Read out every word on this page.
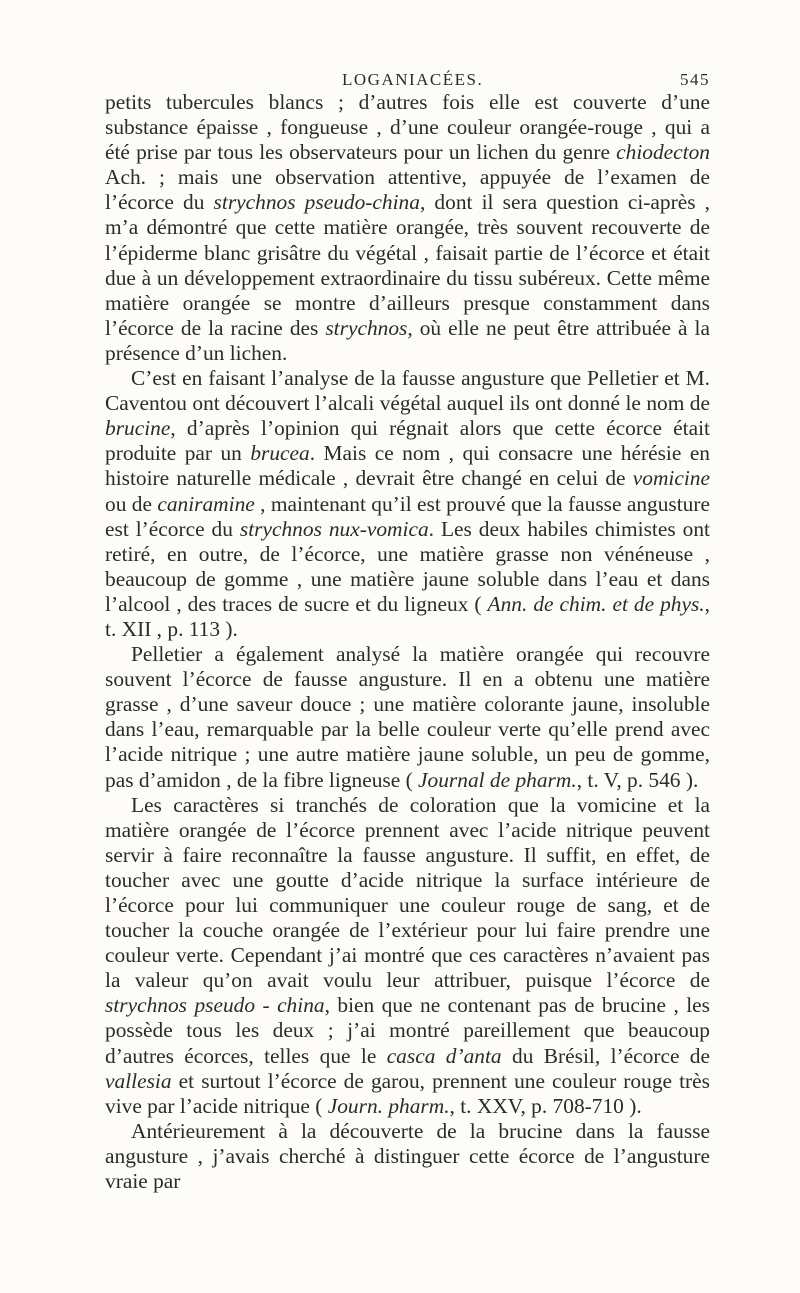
LOGANIACÉES.	545

petits tubercules blancs ; d’autres fois elle est couverte d’une substance épaisse , fongueuse , d’une couleur orangée-rouge , qui a été prise par tous les observateurs pour un lichen du genre chiodecton Ach. ; mais une observation attentive, appuyée de l’examen de l’écorce du strychnos pseudo-china, dont il sera question ci-après , m’a démontré que cette matière orangée, très souvent recouverte de l’épiderme blanc grisâtre du végétal , faisait partie de l’écorce et était due à un développement extraordinaire du tissu subéreux. Cette même matière orangée se montre d’ailleurs presque constamment dans l’écorce de la racine des strychnos, où elle ne peut être attribuée à la présence d’un lichen.

C’est en faisant l’analyse de la fausse angusture que Pelletier et M. Caventou ont découvert l’alcali végétal auquel ils ont donné le nom de brucine, d’après l’opinion qui régnait alors que cette écorce était produite par un brucea. Mais ce nom , qui consacre une hérésie en histoire naturelle médicale , devrait être changé en celui de vomicine ou de caniramine , maintenant qu’il est prouvé que la fausse angusture est l’écorce du strychnos nux-vomica. Les deux habiles chimistes ont retiré, en outre, de l’écorce, une matière grasse non vénéneuse , beaucoup de gomme , une matière jaune soluble dans l’eau et dans l’alcool , des traces de sucre et du ligneux ( Ann. de chim. et de phys., t. XII , p. 113 ).

Pelletier a également analysé la matière orangée qui recouvre souvent l’écorce de fausse angusture. Il en a obtenu une matière grasse , d’une saveur douce ; une matière colorante jaune, insoluble dans l’eau, remarquable par la belle couleur verte qu’elle prend avec l’acide nitrique ; une autre matière jaune soluble, un peu de gomme, pas d’amidon , de la fibre ligneuse ( Journal de pharm., t. V, p. 546 ).

Les caractères si tranchés de coloration que la vomicine et la matière orangée de l’écorce prennent avec l’acide nitrique peuvent servir à faire reconnaître la fausse angusture. Il suffit, en effet, de toucher avec une goutte d’acide nitrique la surface intérieure de l’écorce pour lui communiquer une couleur rouge de sang, et de toucher la couche orangée de l’extérieur pour lui faire prendre une couleur verte. Cependant j’ai montré que ces caractères n’avaient pas la valeur qu’on avait voulu leur attribuer, puisque l’écorce de strychnos pseudo - china, bien que ne contenant pas de brucine , les possède tous les deux ; j’ai montré pareillement que beaucoup d’autres écorces, telles que le casca d’anta du Brésil, l’écorce de vallesia et surtout l’écorce de garou, prennent une couleur rouge très vive par l’acide nitrique ( Journ. pharm., t. XXV, p. 708-710 ).

Antérieurement à la découverte de la brucine dans la fausse angusture , j’avais cherché à distinguer cette écorce de l’angusture vraie par
